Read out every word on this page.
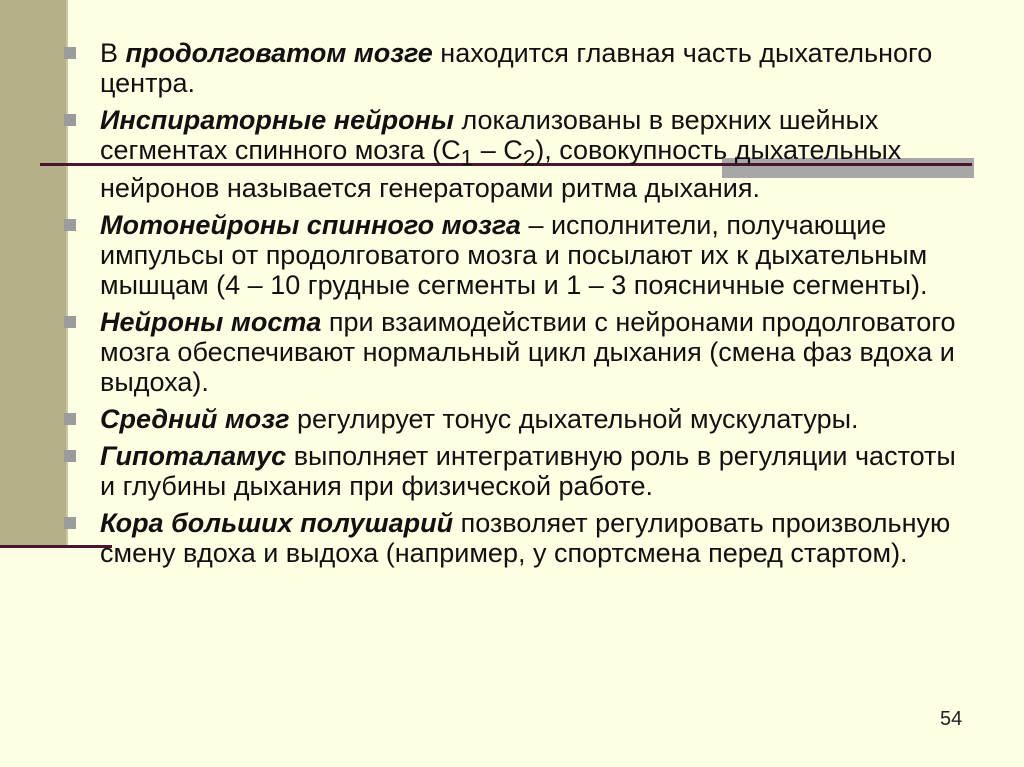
В продолговатом мозге находится главная часть дыхательного центра.
Инспираторные нейроны локализованы в верхних шейных сегментах спинного мозга $(С_1 - С_2)$, совокупность дыхательных нейронов называется генераторами ритма дыхания.
Мотонейроны спинного мозга – исполнители, получающие импульсы от продолговатого мозга и посылают их к дыхательным мышцам (4 – 10 грудные сегменты и 1 – 3 поясничные сегменты).
Нейроны моста при взаимодействии с нейронами продолговатого мозга обеспечивают нормальный цикл дыхания (смена фаз вдоха и выдоха).
Средний мозг регулирует тонус дыхательной мускулатуры.
Гипоталамус выполняет интегративную роль в регуляции частоты и глубины дыхания при физической работе.
Кора больших полушарий позволяет регулировать произвольную смену вдоха и выдоха (например, у спортсмена перед стартом).
54
